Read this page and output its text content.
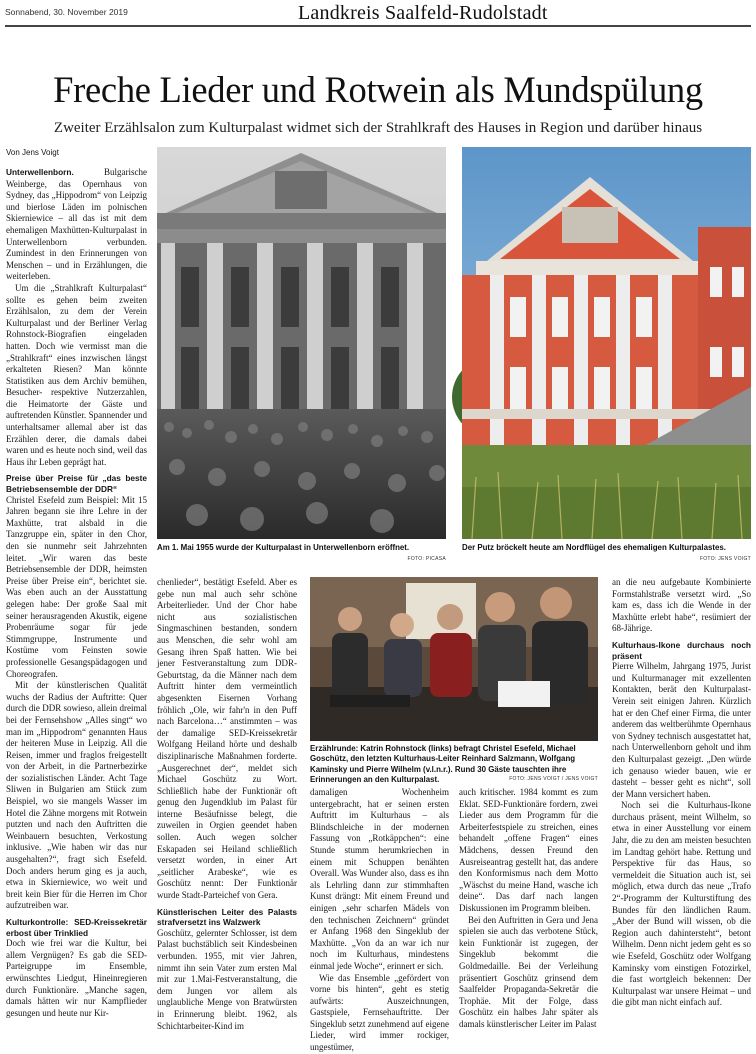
Sonnabend, 30. November 2019	Landkreis Saalfeld-Rudolstadt
Freche Lieder und Rotwein als Mundspülung
Zweiter Erzählsalon zum Kulturpalast widmet sich der Strahlkraft des Hauses in Region und darüber hinaus
Von Jens Voigt

Unterwellenborn.	Bulgarische Weinberge, das Opernhaus von Sydney, das „Hippodrom“ von Leipzig und bierlose Läden im polnischen Skierniewice – all das ist mit dem ehemaligen Maxhütten-Kulturpalast in Unterwellenborn verbunden. Zumindest in den Erinnerungen von Menschen – und in Erzählungen, die weiterleben.

Um die „Strahlkraft Kulturpalast“ sollte es gehen beim zweiten Erzählsalon, zu dem der Verein Kulturpalast und der Berliner Verlag Rohnstock-Biografien eingeladen hatten. Doch wie vermisst man die „Strahlkraft“ eines inzwischen längst erkalteten Riesen? Man könnte Statistiken aus dem Archiv bemühen, Besucher- respektive Nutzerzahlen, die Heimatorte der Gäste und auftretenden Künstler. Spannender und unterhaltsamer allemal aber ist das Erzählen derer, die damals dabei waren und es heute noch sind, weil das Haus ihr Leben geprägt hat.

Preise über Preise für „das beste Betriebsensemble der DDR“

Christel Esefeld zum Beispiel: Mit 15 Jahren begann sie ihre Lehre in der Maxhütte, trat alsbald in die Tanzgruppe ein, später in den Chor, den sie nunmehr seit Jahrzehnten leitet. „Wir waren das beste Betriebsensemble der DDR, heimsten Preise über Preise ein“, berichtet sie. Was eben auch an der Ausstattung gelegen habe: Der große Saal mit seiner herausragenden Akustik, eigene Probenräume sogar für jede Stimmgruppe, Instrumente und Kostüme vom Feinsten sowie professionelle Gesangspädagogen und Choreografen.

Mit der künstlerischen Qualität wuchs der Radius der Auftritte: Quer durch die DDR sowieso, allein dreimal bei der Fernsehshow „Alles singt“ wo man im „Hippodrom“ genannten Haus der heiteren Muse in Leipzig. All die Reisen, immer und fraglos freigestellt von der Arbeit, in die Partnerbezirke der sozialistischen Länder. Acht Tage Sliwen in Bulgarien am Stück zum Beispiel, wo sie mangels Wasser im Hotel die Zähne morgens mit Rotwein putzten und nach den Auftritten die Weinbauern besuchten, Verkostung inklusive. „Wie haben wir das nur ausgehalten?“, fragt sich Esefeld. Doch anders herum ging es ja auch, etwa in Skierniewice, wo weit und breit kein Bier für die Herren im Chor aufzutreiben war.

Kulturkontrolle: SED-Kreissekretär erbost über Trinklied

Doch wie frei war die Kultur, bei allem Vergnügen? Es gab die SED-Parteigruppe im Ensemble, erwünschtes Liedgut, Hineinregieren durch Funktionäre. „Manche sagen, damals hätten wir nur Kampflieder gesungen und heute nur Kir-

Am 1. Mai 1955 wurde der Kulturpalast in Unterwellenborn eröffnet.
FOTO: PICASA
Der Putz bröckelt heute am Nordflügel des ehemaligen Kulturpalastes.
FOTO: JENS VOIGT

chenlieder“, bestätigt Esefeld. Aber es gebe nun mal auch sehr schöne Arbeiterlieder. Und der Chor habe nicht aus sozialistischen Singmaschinen bestanden, sondern aus Menschen, die sehr wohl am Gesang ihren Spaß hatten. Wie bei jener Festveranstaltung zum DDR-Geburtstag, da die Männer nach dem Auftritt hinter dem vermeintlich abgesenkten Eisernen Vorhang fröhlich „Ole, wir fahr'n in den Puff nach Barcelona…“ anstimmten – was der damalige SED-Kreissekretär Wolfgang Heiland hörte und deshalb disziplinarische Maßnahmen forderte. „Ausgerechnet der“, meldet sich Michael Goschütz zu Wort. Schließlich habe der Funktionär oft genug den Jugendklub im Palast für interne Besäufnisse belegt, die zuweilen in Orgien geendet haben sollen. Auch wegen solcher Eskapaden sei Heiland schließlich versetzt worden, in einer Art „seitlicher Arabeske“, wie es Goschütz nennt: Der Funktionär wurde Stadt-Parteichef von Gera.

Künstlerischen Leiter des Palasts strafversetzt ins Walzwerk

Goschütz, gelernter Schlosser, ist dem Palast buchstäblich seit Kindesbeinen verbunden. 1955, mit vier Jahren, nimmt ihn sein Vater zum ersten Mal mit zur 1.Mai-Festveranstaltung, die dem Jungen vor allem als unglaubliche Menge von Bratwürsten in Erinnerung bleibt. 1962, als Schichtarbeiter-Kind im

Erzählrunde: Katrin Rohnstock (links) befragt Christel Esefeld, Michael Goschütz, den letzten Kulturhaus-Leiter Reinhard Salzmann, Wolfgang Kaminsky und Pierre Wilhelm (v.l.n.r.). Rund 30 Gäste tauschten ihre Erinnerungen an den Kulturpalast.	FOTO: JENS VOIGT / JENS VOIGT

damaligen Wochenheim untergebracht, hat er seinen ersten Auftritt im Kulturhaus – als Blindschleiche in der modernen Fassung von „Rotkäppchen“: eine Stunde stumm herumkriechen in einem mit Schuppen benähten Overall. Was Wunder also, dass es ihn als Lehrling dann zur stimmhaften Kunst drängt: Mit einem Freund und einigen „sehr scharfen Mädels von den technischen Zeichnern“ gründet er Anfang 1968 den Singeklub der Maxhütte. „Von da an war ich nur noch im Kulturhaus, mindestens einmal jede Woche“, erinnert er sich.

Wie das Ensemble „gefördert von vorne bis hinten“, geht es stetig aufwärts: Auszeichnungen, Gastspiele, Fernsehauftritte. Der Singeklub setzt zunehmend auf eigene Lieder, wird immer rockiger, ungestümer,

auch kritischer. 1984 kommt es zum Eklat. SED-Funktionäre fordern, zwei Lieder aus dem Programm für die Arbeiterfestspiele zu streichen, eines behandelt „offene Fragen“ eines Mädchens, dessen Freund den Ausreiseantrag gestellt hat, das andere den Konformismus nach dem Motto „Wäschst du meine Hand, wasche ich deine“. Das darf nach langen Diskussionen im Programm bleiben.

Bei den Auftritten in Gera und Jena spielen sie auch das verbotene Stück, kein Funktionär ist zugegen, der Singeklub bekommt die Goldmedaille. Bei der Verleihung präsentiert Goschütz grinsend dem Saalfelder Propaganda-Sekretär die Trophäe. Mit der Folge, dass Goschütz ein halbes Jahr später als damals künstlerischer Leiter im Palast

an die neu aufgebaute Kombinierte Formstahlstraße versetzt wird. „So kam es, dass ich die Wende in der Maxhütte erlebt habe“, resümiert der 68-Jährige.

Kulturhaus-Ikone durchaus noch präsent

Pierre Wilhelm, Jahrgang 1975, Jurist und Kulturmanager mit exzellenten Kontakten, berät den Kulturpalast-Verein seit einigen Jahren. Kürzlich hat er den Chef einer Firma, die unter anderem das weltberühmte Opernhaus von Sydney technisch ausgestattet hat, nach Unterwellenborn geholt und ihm den Kulturpalast gezeigt. „Den würde ich genauso wieder bauen, wie er dasteht – besser geht es nicht“, soll der Mann versichert haben.

Noch sei die Kulturhaus-Ikone durchaus präsent, meint Wilhelm, so etwa in einer Ausstellung vor einem Jahr, die zu den am meisten besuchten im Landtag gehört habe. Rettung und Perspektive für das Haus, so vermeldeit die Situation auch ist, sei möglich, etwa durch das neue „Trafo 2“-Programm der Kulturstiftung des Bundes für den ländlichen Raum. „Aber der Bund will wissen, ob die Region auch dahintersteht“, betont Wilhelm. Denn nicht jedem geht es so wie Esefeld, Goschütz oder Wolfgang Kaminsky vom einstigen Fotozirkel, die fast wortgleich bekennen: Der Kulturpalast war unsere Heimat – und die gibt man nicht einfach auf.
